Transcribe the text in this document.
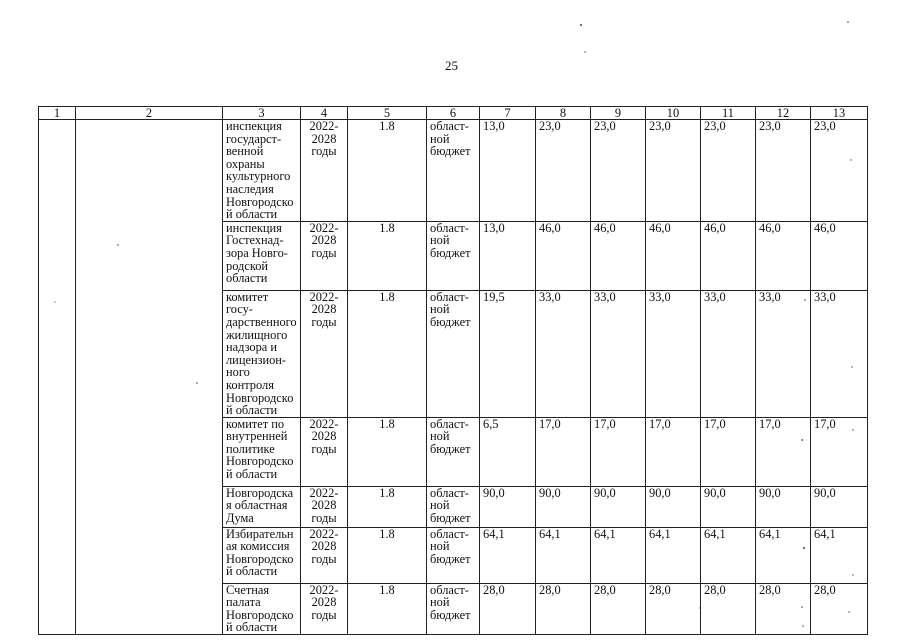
25
1	2	3	4	5	6	7	8	9	10	11	12	13
		инспекция государст-венной охраны культурного наследия Новгородской области	2022-2028 годы	1.8	област-ной бюджет	13,0	23,0	23,0	23,0	23,0	23,0	23,0
		инспекция Гостехнад-зора Новго-родской области	2022-2028 годы	1.8	област-ной бюджет	13,0	46,0	46,0	46,0	46,0	46,0	46,0
		комитет госу-дарственного жилищного надзора и лицензион-ного контроля Новгородской области	2022-2028 годы	1.8	област-ной бюджет	19,5	33,0	33,0	33,0	33,0	33,0	33,0
		комитет по внутренней политике Новгородской области	2022-2028 годы	1.8	област-ной бюджет	6,5	17,0	17,0	17,0	17,0	17,0	17,0
		Новгородская областная Дума	2022-2028 годы	1.8	област-ной бюджет	90,0	90,0	90,0	90,0	90,0	90,0	90,0
		Избирательная комиссия Новгородской области	2022-2028 годы	1.8	област-ной бюджет	64,1	64,1	64,1	64,1	64,1	64,1	64,1
		Счетная палата Новгородской области	2022-2028 годы	1.8	област-ной бюджет	28,0	28,0	28,0	28,0	28,0	28,0	28,0
